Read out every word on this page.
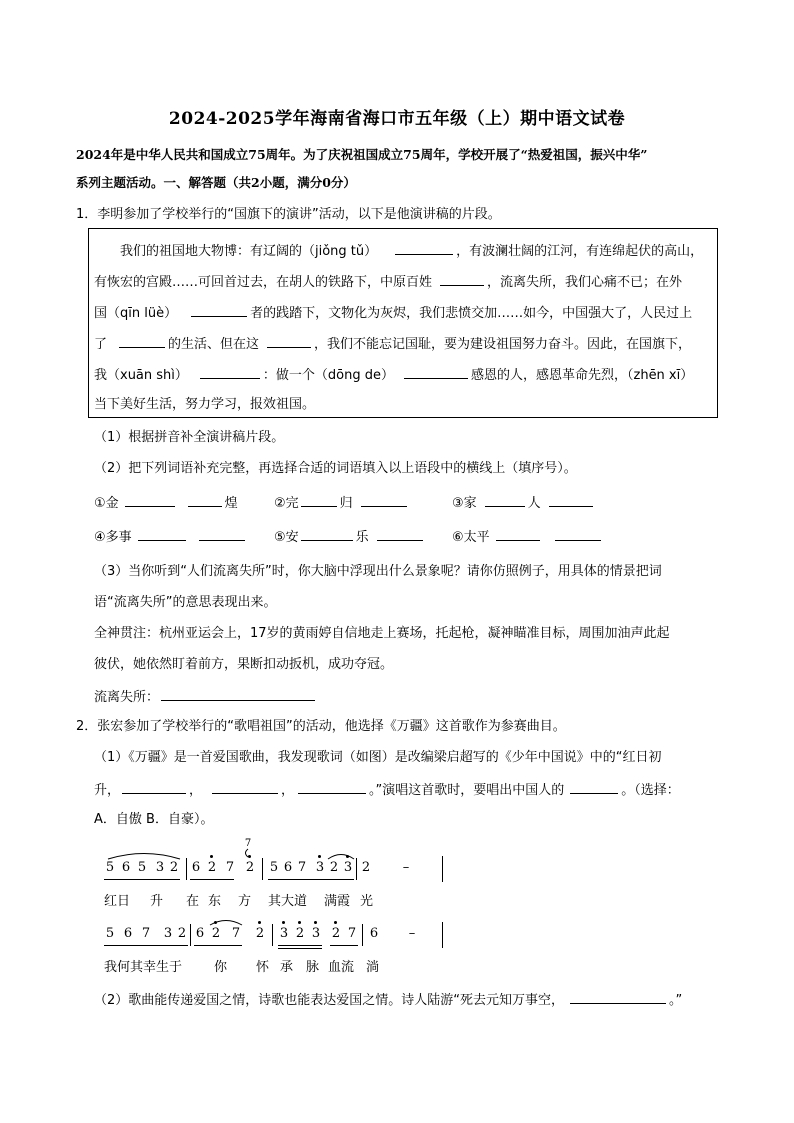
2024-2025学年海南省海口市五年级（上）期中语文试卷
2024年是中华人民共和国成立75周年。为了庆祝祖国成立75周年，学校开展了“热爱祖国，振兴中华”
系列主题活动。一、解答题（共2小题，满分0分）
1．李明参加了学校举行的“国旗下的演讲”活动，以下是他演讲稿的片段。
我们的祖国地大物博：有辽阔的（jiǒng tǔ）	，有波澜壮阔的江河，有连绵起伏的高山，
有恢宏的宫殿……可回首过去，在胡人的铁路下，中原百姓	，流离失所，我们心痛不已；在外
国（qīn lüè）	者的践踏下，文物化为灰烬，我们悲愤交加……如今，中国强大了，人民过上
了	的生活、但在这	，我们不能忘记国耻，要为建设祖国努力奋斗。因此，在国旗下，
我（xuān shì）	：做一个（dōng de）	感恩的人，感恩革命先烈，（zhēn xī）
当下美好生活，努力学习，报效祖国。
（1）根据拼音补全演讲稿片段。
（2）把下列词语补充完整，再选择合适的词语填入以上语段中的横线上（填序号）。
①金	煌	②完	归	③家	人
④多事	⑤安	乐	⑥太平
（3）当你听到“人们流离失所”时，你大脑中浮现出什么景象呢？请你仿照例子，用具体的情景把词
语“流离失所”的意思表现出来。
全神贯注：杭州亚运会上，17岁的黄雨婷自信地走上赛场，托起枪，凝神瞄准目标，周围加油声此起
彼伏，她依然盯着前方，果断扣动扳机，成功夺冠。
流离失所：
2．张宏参加了学校举行的“歌唱祖国”的活动，他选择《万疆》这首歌作为参赛曲目。
（1）《万疆》是一首爱国歌曲，我发现歌词（如图）是改编梁启超写的《少年中国说》中的“红日初
升，	，	，	。”演唱这首歌时，要唱出中国人的	。（选择：
A．自傲 B．自豪）。
5 6 5 3 2 6 2 7 2
7
5 6 7 3 2 3 2	–
红日 升 在 东 方 其大道 满霞 光
5 6 7 3 2 6 2 7 2 3 2 3 2 7 6 –
我何其幸生于 你 怀 承 脉 血流 淌
（2）歌曲能传递爱国之情，诗歌也能表达爱国之情。诗人陆游“死去元知万事空，	。”
